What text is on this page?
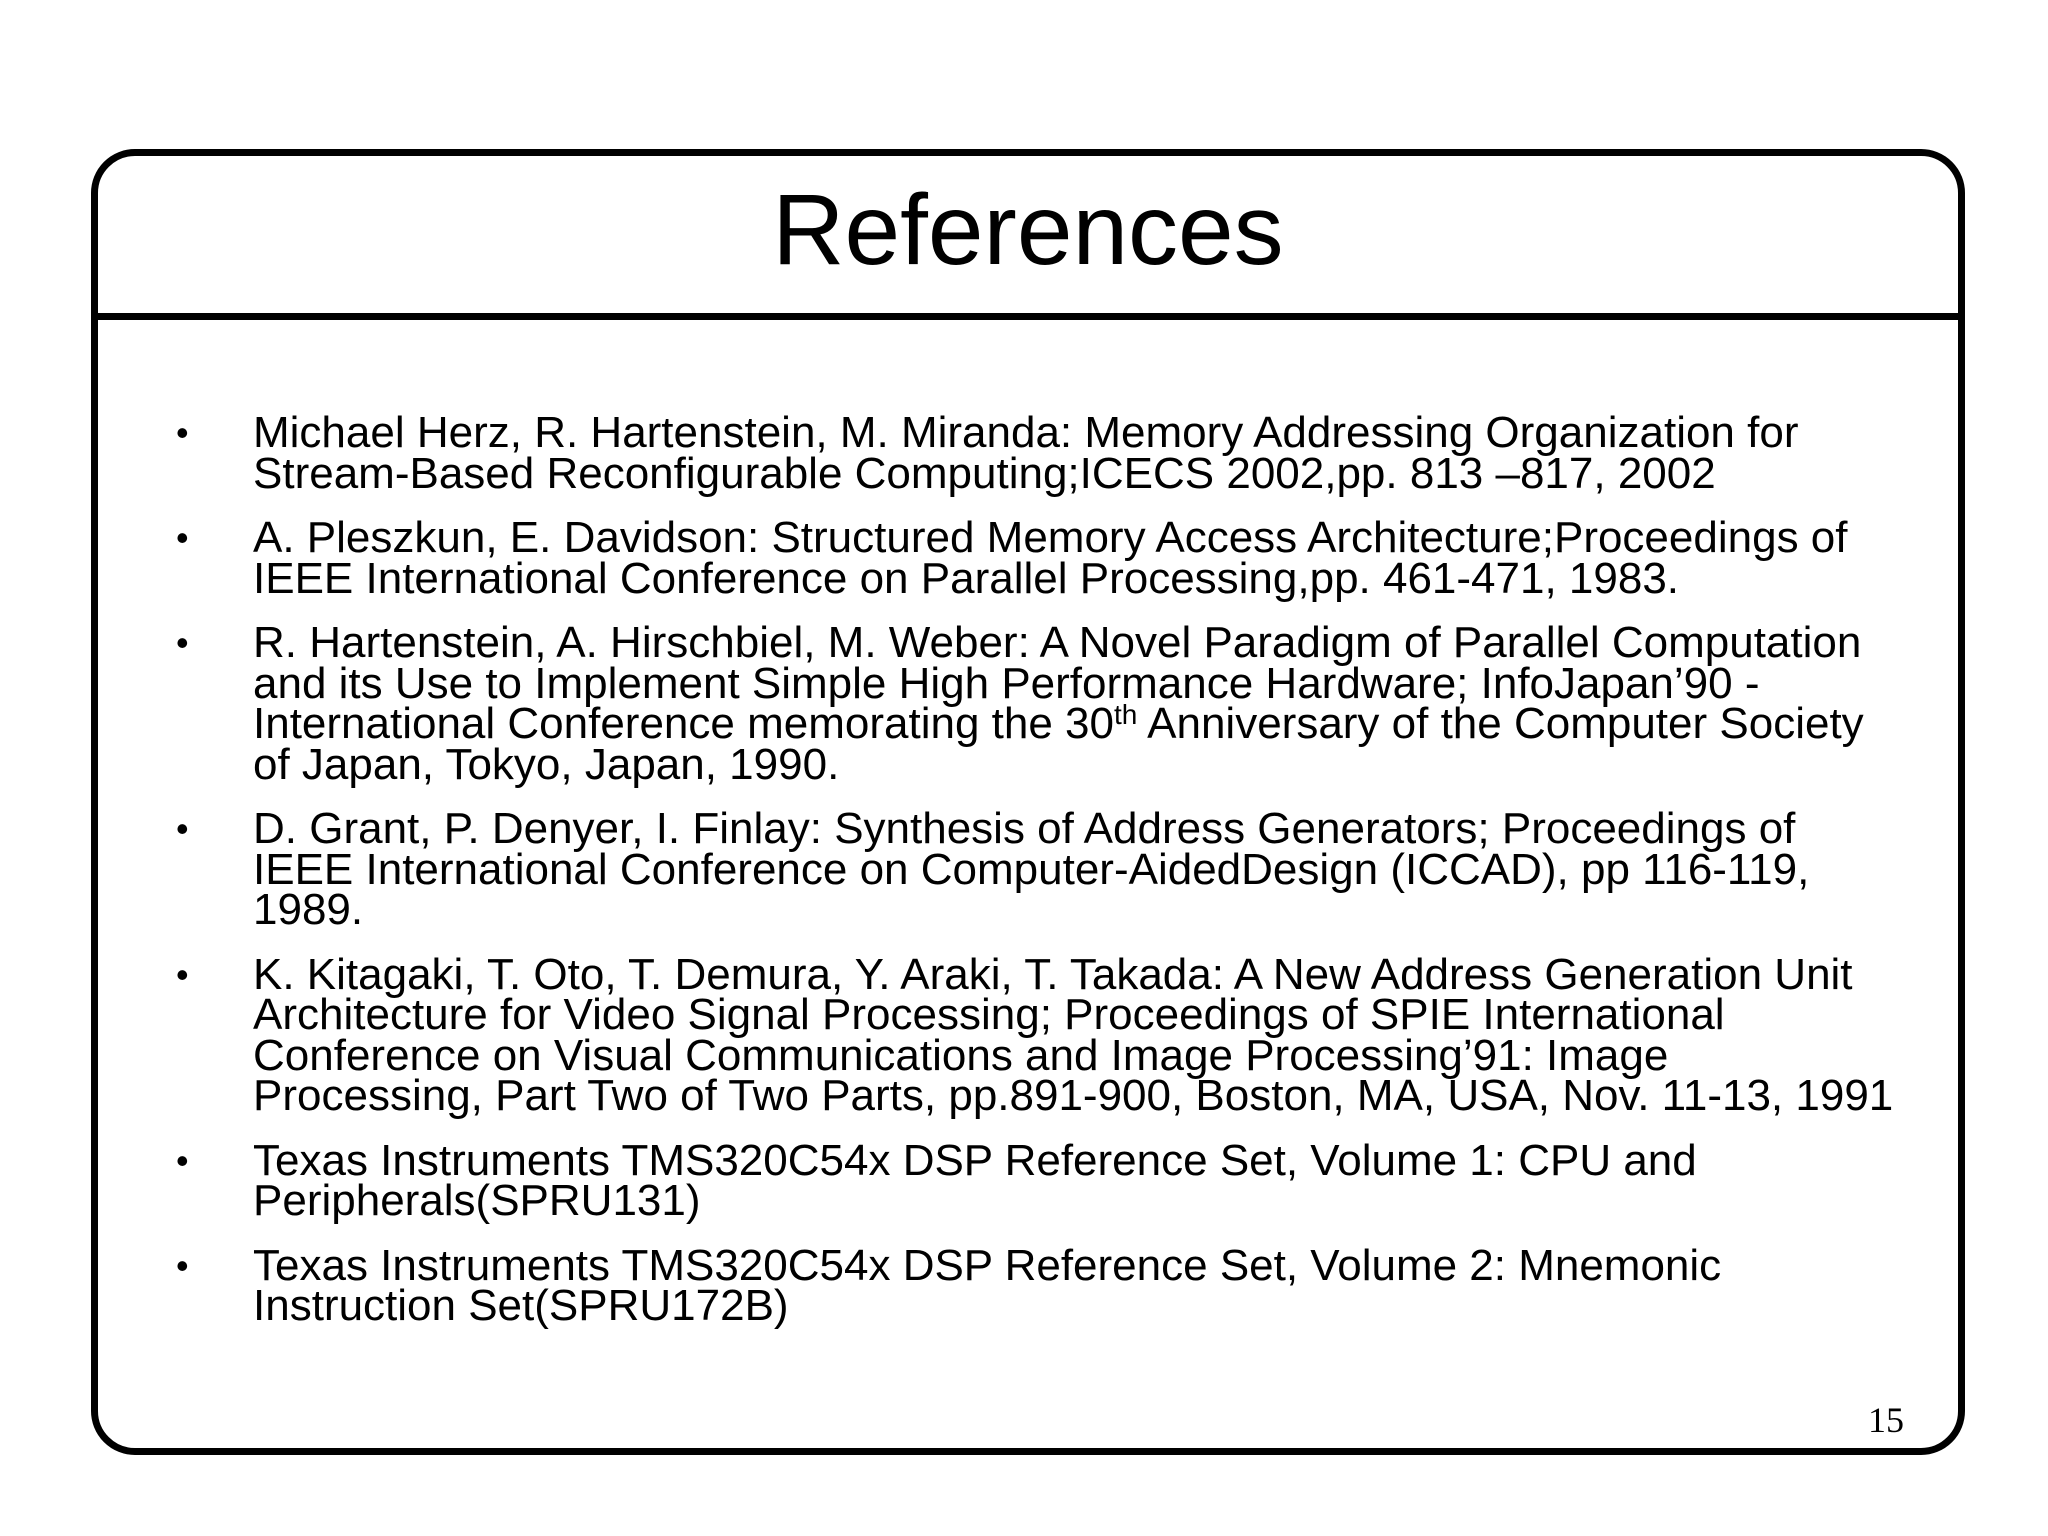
References
• Michael Herz, R. Hartenstein, M. Miranda: Memory Addressing Organization for Stream-Based Reconfigurable Computing;ICECS 2002,pp. 813 –817, 2002
• A. Pleszkun, E. Davidson: Structured Memory Access Architecture;Proceedings of IEEE International Conference on Parallel Processing,pp. 461-471, 1983.
• R. Hartenstein, A. Hirschbiel, M. Weber: A Novel Paradigm of Parallel Computation and its Use to Implement Simple High Performance Hardware; InfoJapan’90 - International Conference memorating the 30th Anniversary of the Computer Society of Japan, Tokyo, Japan, 1990.
• D. Grant, P. Denyer, I. Finlay: Synthesis of Address Generators; Proceedings of IEEE International Conference on Computer-AidedDesign (ICCAD), pp 116-119, 1989.
• K. Kitagaki, T. Oto, T. Demura, Y. Araki, T. Takada: A New Address Generation Unit Architecture for Video Signal Processing; Proceedings of SPIE International Conference on Visual Communications and Image Processing’91: Image Processing, Part Two of Two Parts, pp.891-900, Boston, MA, USA, Nov. 11-13, 1991
• Texas Instruments TMS320C54x DSP Reference Set, Volume 1: CPU and Peripherals(SPRU131)
• Texas Instruments TMS320C54x DSP Reference Set, Volume 2: Mnemonic Instruction Set(SPRU172B)
15
